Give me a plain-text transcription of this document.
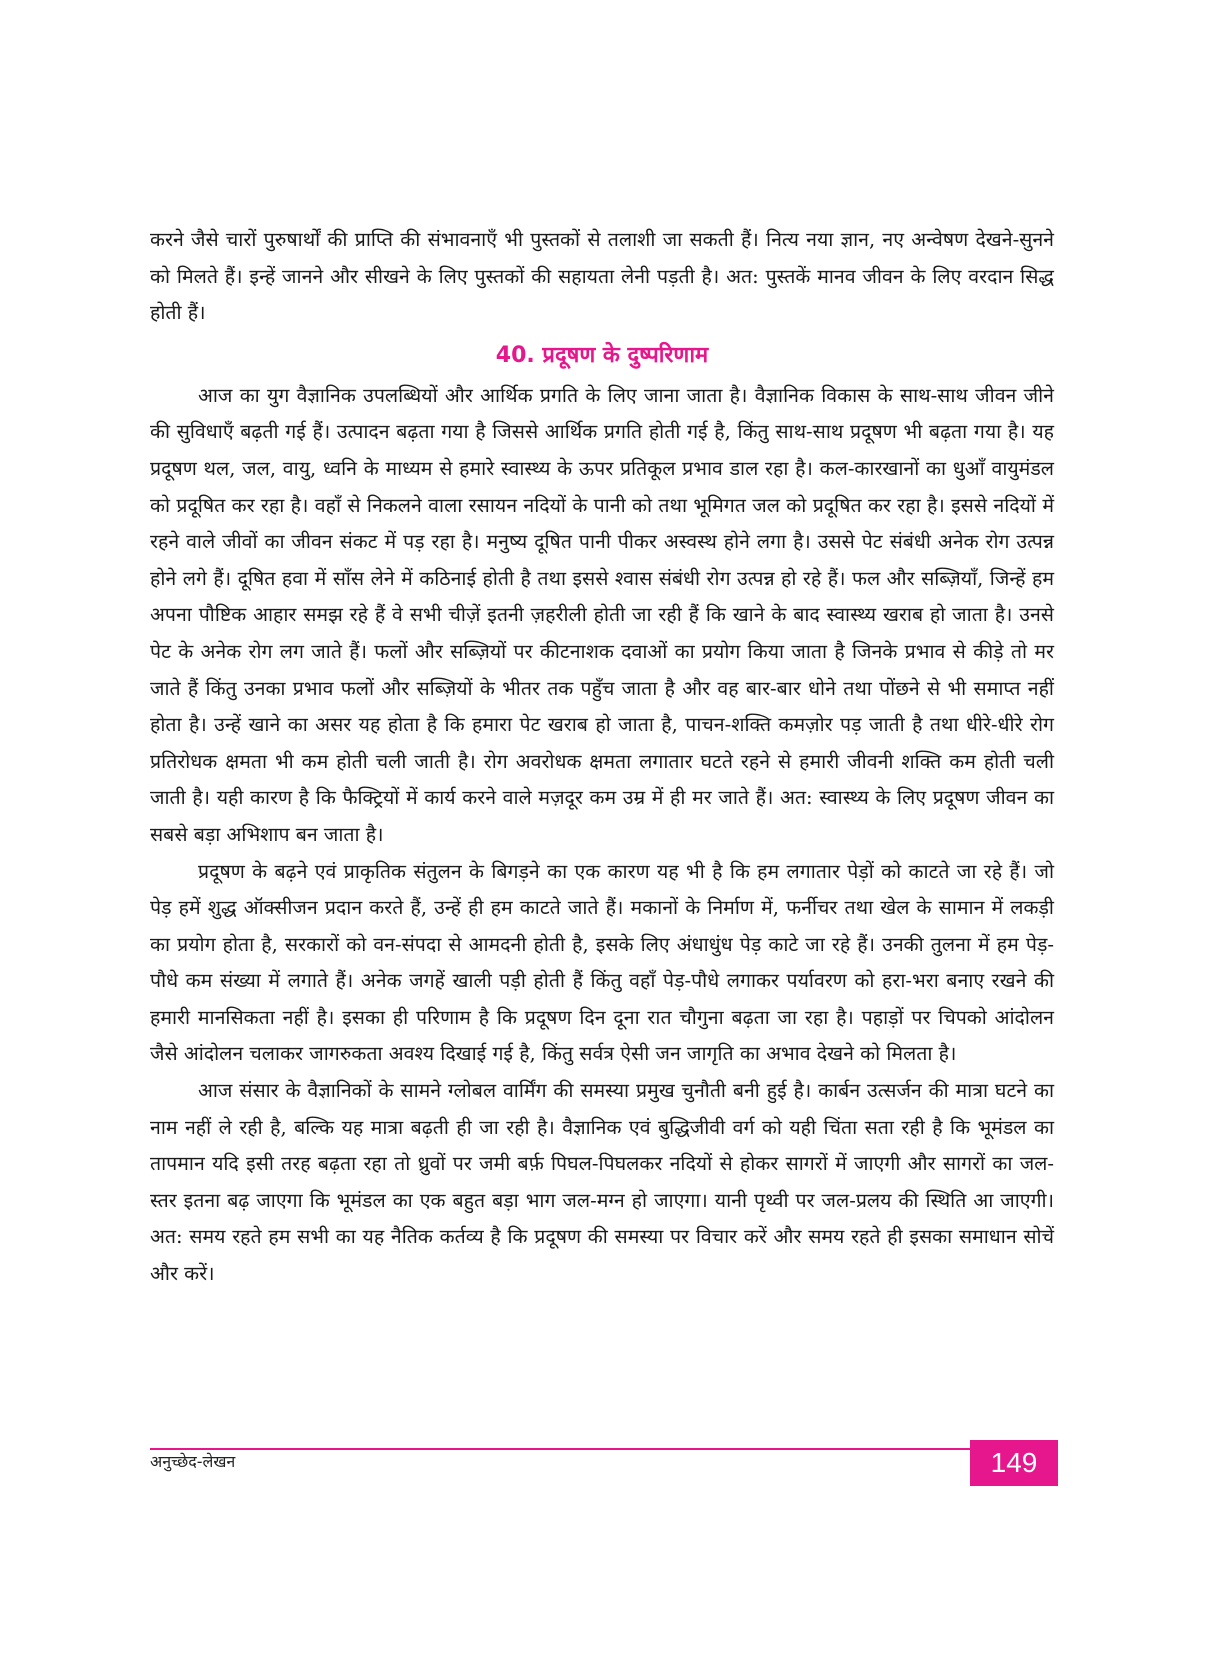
करने जैसे चारों पुरुषार्थों की प्राप्ति की संभावनाएँ भी पुस्तकों से तलाशी जा सकती हैं। नित्य नया ज्ञान, नए अन्वेषण देखने-सुनने को मिलते हैं। इन्हें जानने और सीखने के लिए पुस्तकों की सहायता लेनी पड़ती है। अत: पुस्तकें मानव जीवन के लिए वरदान सिद्ध होती हैं।

40. प्रदूषण के दुष्परिणाम

आज का युग वैज्ञानिक उपलब्धियों और आर्थिक प्रगति के लिए जाना जाता है। वैज्ञानिक विकास के साथ-साथ जीवन जीने की सुविधाएँ बढ़ती गई हैं। उत्पादन बढ़ता गया है जिससे आर्थिक प्रगति होती गई है, किंतु साथ-साथ प्रदूषण भी बढ़ता गया है। यह प्रदूषण थल, जल, वायु, ध्वनि के माध्यम से हमारे स्वास्थ्य के ऊपर प्रतिकूल प्रभाव डाल रहा है। कल-कारखानों का धुआँ वायुमंडल को प्रदूषित कर रहा है। वहाँ से निकलने वाला रसायन नदियों के पानी को तथा भूमिगत जल को प्रदूषित कर रहा है। इससे नदियों में रहने वाले जीवों का जीवन संकट में पड़ रहा है। मनुष्य दूषित पानी पीकर अस्वस्थ होने लगा है। उससे पेट संबंधी अनेक रोग उत्पन्न होने लगे हैं। दूषित हवा में साँस लेने में कठिनाई होती है तथा इससे श्वास संबंधी रोग उत्पन्न हो रहे हैं। फल और सब्ज़ियाँ, जिन्हें हम अपना पौष्टिक आहार समझ रहे हैं वे सभी चीज़ें इतनी ज़हरीली होती जा रही हैं कि खाने के बाद स्वास्थ्य खराब हो जाता है। उनसे पेट के अनेक रोग लग जाते हैं। फलों और सब्ज़ियों पर कीटनाशक दवाओं का प्रयोग किया जाता है जिनके प्रभाव से कीड़े तो मर जाते हैं किंतु उनका प्रभाव फलों और सब्ज़ियों के भीतर तक पहुँच जाता है और वह बार-बार धोने तथा पोंछने से भी समाप्त नहीं होता है। उन्हें खाने का असर यह होता है कि हमारा पेट खराब हो जाता है, पाचन-शक्ति कमज़ोर पड़ जाती है तथा धीरे-धीरे रोग प्रतिरोधक क्षमता भी कम होती चली जाती है। रोग अवरोधक क्षमता लगातार घटते रहने से हमारी जीवनी शक्ति कम होती चली जाती है। यही कारण है कि फैक्ट्रियों में कार्य करने वाले मज़दूर कम उम्र में ही मर जाते हैं। अत: स्वास्थ्य के लिए प्रदूषण जीवन का सबसे बड़ा अभिशाप बन जाता है।

प्रदूषण के बढ़ने एवं प्राकृतिक संतुलन के बिगड़ने का एक कारण यह भी है कि हम लगातार पेड़ों को काटते जा रहे हैं। जो पेड़ हमें शुद्ध ऑक्सीजन प्रदान करते हैं, उन्हें ही हम काटते जाते हैं। मकानों के निर्माण में, फर्नीचर तथा खेल के सामान में लकड़ी का प्रयोग होता है, सरकारों को वन-संपदा से आमदनी होती है, इसके लिए अंधाधुंध पेड़ काटे जा रहे हैं। उनकी तुलना में हम पेड़-पौधे कम संख्या में लगाते हैं। अनेक जगहें खाली पड़ी होती हैं किंतु वहाँ पेड़-पौधे लगाकर पर्यावरण को हरा-भरा बनाए रखने की हमारी मानसिकता नहीं है। इसका ही परिणाम है कि प्रदूषण दिन दूना रात चौगुना बढ़ता जा रहा है। पहाड़ों पर चिपको आंदोलन जैसे आंदोलन चलाकर जागरुकता अवश्य दिखाई गई है, किंतु सर्वत्र ऐसी जन जागृति का अभाव देखने को मिलता है।

आज संसार के वैज्ञानिकों के सामने ग्लोबल वार्मिंग की समस्या प्रमुख चुनौती बनी हुई है। कार्बन उत्सर्जन की मात्रा घटने का नाम नहीं ले रही है, बल्कि यह मात्रा बढ़ती ही जा रही है। वैज्ञानिक एवं बुद्धिजीवी वर्ग को यही चिंता सता रही है कि भूमंडल का तापमान यदि इसी तरह बढ़ता रहा तो ध्रुवों पर जमी बर्फ़ पिघल-पिघलकर नदियों से होकर सागरों में जाएगी और सागरों का जल-स्तर इतना बढ़ जाएगा कि भूमंडल का एक बहुत बड़ा भाग जल-मग्न हो जाएगा। यानी पृथ्वी पर जल-प्रलय की स्थिति आ जाएगी। अत: समय रहते हम सभी का यह नैतिक कर्तव्य है कि प्रदूषण की समस्या पर विचार करें और समय रहते ही इसका समाधान सोचें और करें।

अनुच्छेद-लेखन	149
